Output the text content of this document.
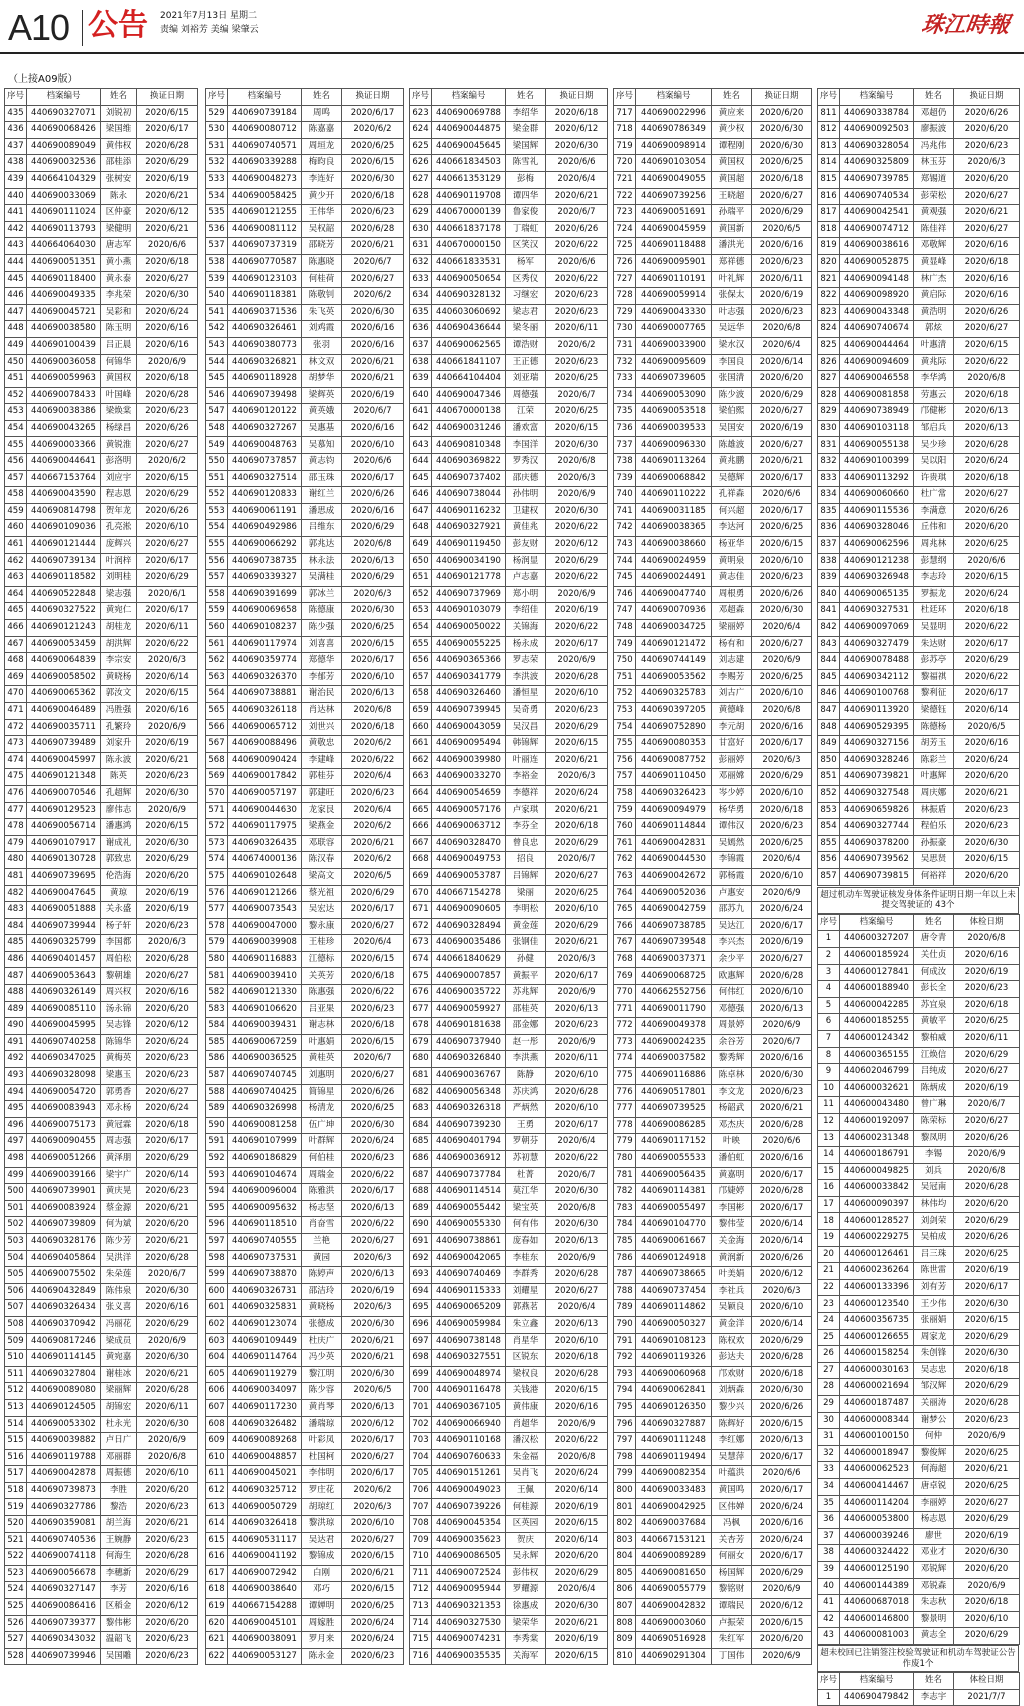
A10 公告 2021年7月13日 星期二
责编 刘裕芳 美编 梁肇云	珠江時報
（上接A09版）
序号	档案编号	姓名	换证日期
435	440690327071	刘锐初	2020/6/15
436	440690068426	梁国维	2020/6/17
437	440690089049	黄伟权	2020/6/28
438	440690032536	邵桂添	2020/6/29
439	440664104329	张树安	2020/6/19
440	440690033069	陈永	2020/6/21
441	440690111024	区仲豪	2020/6/12
442	440690113793	梁健明	2020/6/21
443	440664064030	唐志军	2020/6/6
444	440690051351	黄小燕	2020/6/18
445	440690118400	黄永泰	2020/6/27
446	440690049335	李兆荣	2020/6/30
447	440690045721	吴彩和	2020/6/24
448	440690038580	陈玉明	2020/6/16
449	440690100439	吕正晨	2020/6/16
450	440690036058	何锦华	2020/6/9
451	440690059963	黄国权	2020/6/18
452	440690078433	叶国峰	2020/6/28
453	440690038386	梁焕棠	2020/6/23
454	440690043265	杨绿昌	2020/6/26
455	440690003366	黄锐淮	2020/6/27
456	440690044641	彭洛明	2020/6/2
457	440667153764	刘应宇	2020/6/15
458	440690043590	程志恩	2020/6/29
459	440690814798	贺年龙	2020/6/26
460	440690109036	孔亮淞	2020/6/10
461	440690121444	庞辉兴	2020/6/27
462	440690739134	叶润梓	2020/6/17
463	440690118582	刘明桂	2020/6/29
464	440690522848	梁志强	2020/6/1
465	440690327522	黄宛仁	2020/6/17
466	440690121243	胡桂龙	2020/6/11
467	440690053459	胡洪辉	2020/6/22
468	440690064839	李宗安	2020/6/3
469	440690058502	黄晓杨	2020/6/14
470	440690065362	郭汝文	2020/6/15
471	440690046489	冯胜强	2020/6/16
472	440690035711	孔繁玲	2020/6/9
473	440690739489	刘家升	2020/6/19
474	440690045997	陈永波	2020/6/21
475	440690121348	陈英	2020/6/23
476	440690070546	孔超辉	2020/6/30
477	440690129523	廖伟志	2020/6/9
478	440690056714	潘惠鸿	2020/6/15
479	440690107917	谢成礼	2020/6/30
480	440690130728	郭致忠	2020/6/29
481	440690739695	伦浩海	2020/6/20
482	440690047645	黄琼	2020/6/19
483	440690051888	关永盛	2020/6/19
484	440690739944	杨子轩	2020/6/23
485	440690325799	李国都	2020/6/3
486	440690401457	周伯松	2020/6/28
487	440690053643	黎朝雄	2020/6/27
488	440690326149	周兴权	2020/6/16
489	440690085110	汤永锦	2020/6/20
490	440690045995	吴志锋	2020/6/12
491	440690740258	陈锦华	2020/6/24
492	440690347025	黄梅英	2020/6/23
493	440690328098	梁惠玉	2020/6/23
494	440690054720	郭勇香	2020/6/27
495	440690083943	邓永杨	2020/6/24
496	440690075173	黄冠霖	2020/6/18
497	440690090455	周志强	2020/6/17
498	440690051266	黄泽朋	2020/6/29
499	440690039166	梁宇广	2020/6/14
500	440690739901	黄庆晃	2020/6/23
501	440690083924	蔡金源	2020/6/21
502	440690739809	何为斌	2020/6/20
503	440690328176	陈少芳	2020/6/21
504	440690405864	吴洪洋	2020/6/28
505	440690075502	朱朵莲	2020/6/7
506	440690432849	陈伟泉	2020/6/30
507	440690326434	张义喜	2020/6/16
508	440690370942	冯丽花	2020/6/29
509	440690817246	梁成员	2020/6/9
510	440690114145	黄宛嘉	2020/6/30
511	440690327804	谢桂冰	2020/6/21
512	440690089080	梁丽辉	2020/6/28
513	440690124505	胡锦宏	2020/6/11
514	440690053302	杜永光	2020/6/30
515	440690039882	卢日广	2020/6/9
516	440690119788	邓丽群	2020/6/8
517	440690042878	周振德	2020/6/10
518	440690739873	李胜	2020/6/20
519	440690327786	黎浩	2020/6/23
520	440690359081	胡兰海	2020/6/21
521	440690740536	王婉静	2020/6/23
522	440690074118	何海生	2020/6/28
523	440690056678	李穗新	2020/6/29
524	440690327147	李芳	2020/6/16
525	440690086416	区稻金	2020/6/12
526	440690739377	黎伟彬	2020/6/20
527	440690343032	温韶飞	2020/6/23
528	440690739946	吴国雕	2020/6/23
序号	档案编号	姓名	换证日期
529	440690739184	周鸣	2020/6/17
530	440690080712	陈嘉嘉	2020/6/2
531	440690740571	周垣龙	2020/6/25
532	440690339288	梅昀良	2020/6/15
533	440690048273	李连好	2020/6/30
534	440690058425	黄少开	2020/6/18
535	440690121255	王伟华	2020/6/23
536	440690081112	吴权韶	2020/6/28
537	440690737319	邵晓芳	2020/6/21
538	440690770587	陈惠晓	2020/6/7
539	440690123103	何桂荷	2020/6/27
540	440690118381	陈敬钊	2020/6/2
541	440690371536	朱飞英	2020/6/30
542	440690326461	刘鸡霞	2020/6/16
543	440690380773	张羽	2020/6/16
544	440690326821	林文双	2020/6/21
545	440690118928	胡梦华	2020/6/21
546	440690739498	梁辉英	2020/6/19
547	440690120122	黄英娥	2020/6/7
548	440690327267	吴惠基	2020/6/16
549	440690048763	吴慕知	2020/6/10
550	440690737857	黄志钧	2020/6/6
551	440690327514	邵玉珠	2020/6/17
552	440690120833	谢红兰	2020/6/26
553	440690061191	潘思成	2020/6/16
554	440690492986	吕维东	2020/6/29
555	440690066292	郭兆达	2020/6/8
556	440690738735	林永法	2020/6/13
557	440690339327	吴满桂	2020/6/29
558	440690391699	郭冰兰	2020/6/3
559	440690069658	陈德康	2020/6/30
560	440690108237	陈少强	2020/6/25
561	440690117974	刘喜喜	2020/6/15
562	440690359774	郑德华	2020/6/17
563	440690326370	李郁芳	2020/6/10
564	440690738881	谢治民	2020/6/13
565	440690326118	肖达林	2020/6/8
566	440690065712	刘世兴	2020/6/18
567	440690088496	黄敬忠	2020/6/2
568	440690090424	李建峰	2020/6/22
569	440690017842	郭桂芬	2020/6/4
570	440690057197	郭建旺	2020/6/23
571	440690044630	龙家艮	2020/6/4
572	440690117975	梁燕金	2020/6/2
573	440690326435	邓联容	2020/6/21
574	440674000136	陈汉春	2020/6/2
575	440690102648	梁高文	2020/6/5
576	440690121266	蔡光祖	2020/6/29
577	440690073543	吴宏达	2020/6/17
578	440690047000	黎永康	2020/6/27
579	440690039908	王桂珍	2020/6/4
580	440690116883	江德标	2020/6/15
581	440690039410	关英芳	2020/6/18
582	440690121330	陈惠强	2020/6/22
583	440690106620	吕亚果	2020/6/23
584	440690039431	谢志林	2020/6/18
585	440690067259	叶惠娟	2020/6/15
586	440690036525	黄桂英	2020/6/7
587	440690740745	刘惠明	2020/6/27
588	440690740425	简锦星	2020/6/26
589	440690326998	杨清龙	2020/6/25
590	440690081258	伍广坤	2020/6/30
591	440690107999	叶群辉	2020/6/24
592	440690186829	何伯桂	2020/6/23
593	440690104674	周瑞金	2020/6/22
594	440690096004	陈雅洪	2020/6/17
595	440690095632	杨志坚	2020/6/13
596	440690118510	肖奋雪	2020/6/22
597	440690740555	兰艳	2020/6/27
598	440690737531	黄园	2020/6/3
599	440690738870	陈婷声	2020/6/13
600	440690326731	邵洁玲	2020/6/19
601	440690325831	黄晓杨	2020/6/3
602	440690123074	张德成	2020/6/30
603	440690109449	杜庆广	2020/6/21
604	440690114764	冯少英	2020/6/21
605	440690119279	黎江明	2020/6/30
606	440690034097	陈少容	2020/6/5
607	440690117230	黄肖琴	2020/6/13
608	440690326482	潘瑞琼	2020/6/12
609	440690089268	叶彩凤	2020/6/17
610	440690048857	杜国柯	2020/6/27
611	440690045021	李伟明	2020/6/17
612	440690325712	罗庄花	2020/6/2
613	440690050729	胡琼红	2020/6/3
614	440690326418	黎洪琼	2020/6/10
615	440690531117	吴达君	2020/6/27
616	440690041192	黎锦成	2020/6/15
617	440690072942	白刚	2020/6/21
618	440690038640	邓巧	2020/6/15
619	440667154288	谭婵明	2020/6/25
620	440690045101	周嫁胜	2020/6/24
621	440690038091	罗月来	2020/6/24
622	440690053127	陈永金	2020/6/23
序号	档案编号	姓名	换证日期
623	440690069788	李绍华	2020/6/18
624	440690044875	梁金群	2020/6/12
625	440690045645	梁国辉	2020/6/30
626	440661834503	陈雪礼	2020/6/6
627	440661353129	彭梅	2020/6/4
628	440690119708	谭四华	2020/6/21
629	440670000139	鲁家俊	2020/6/7
630	440661837178	丁瑞虹	2020/6/26
631	440670000150	区笑汉	2020/6/22
632	440661833531	杨军	2020/6/6
633	440690050654	区秀仪	2020/6/22
634	440690328132	习继宏	2020/6/23
635	440603060692	梁志君	2020/6/23
636	440690436644	梁冬丽	2020/6/11
637	440690062565	谭浩财	2020/6/2
638	440661841107	王正德	2020/6/23
639	440664104404	刘亚瑞	2020/6/25
640	440690047346	周德强	2020/6/7
641	440670000138	江荣	2020/6/25
642	440690031246	潘欢富	2020/6/15
643	440690810348	李国洋	2020/6/30
644	440690369822	罗秀汉	2020/6/8
645	440690737402	邵庆德	2020/6/3
646	440690738044	孙伟明	2020/6/9
647	440690116232	卫建权	2020/6/30
648	440690327921	黄佳兆	2020/6/22
649	440690119450	彭友财	2020/6/12
650	440690034190	杨润显	2020/6/29
651	440690121778	卢志嘉	2020/6/22
652	440690737969	郑小明	2020/6/9
653	440690103079	李绍佳	2020/6/19
654	440690050022	关锦海	2020/6/22
655	440690055225	杨永成	2020/6/17
656	440690365366	罗志荣	2020/6/9
657	440690341779	李洪波	2020/6/28
658	440690326460	潘恒星	2020/6/10
659	440690739945	吴奇勇	2020/6/23
660	440690043059	吴汉昌	2020/6/29
661	440690095494	韩锦辉	2020/6/15
662	440690039980	叶丽连	2020/6/21
663	440690033270	李裕金	2020/6/3
664	440690054659	李德祥	2020/6/24
665	440690057176	卢家琪	2020/6/21
666	440690063712	李芬全	2020/6/18
667	440690328470	曾良忠	2020/6/29
668	440690049753	招良	2020/6/7
669	440690053787	吕锦辉	2020/6/27
670	440667154278	梁丽	2020/6/25
671	440690090605	李明松	2020/6/10
672	440690328494	黄金莲	2020/6/29
673	440690035486	张钢佳	2020/6/21
674	440661840629	孙健	2020/6/3
675	440690007857	黄振平	2020/6/17
676	440690035722	苏兆辉	2020/6/9
677	440690059927	邵桂英	2020/6/13
678	440690181638	邵金娜	2020/6/23
679	440690737940	赵一彤	2020/6/9
680	440690326840	李洪燕	2020/6/11
681	440690036767	陈静	2020/6/10
682	440690056348	苏庆鸿	2020/6/28
683	440690326318	严炳然	2020/6/10
684	440690739230	王勇	2020/6/17
685	440690401794	罗朝芬	2020/6/4
686	440690036912	苏初慧	2020/6/22
687	440690737784	杜菁	2020/6/7
688	440690114514	莫江华	2020/6/30
689	440690055442	梁宝英	2020/6/8
690	440690055330	何有伟	2020/6/30
691	440690738861	庞春如	2020/6/13
692	440690042065	李桂东	2020/6/9
693	440690740469	李群秀	2020/6/28
694	440690115333	刘耀星	2020/6/27
695	440690065209	郭燕茗	2020/6/4
696	440690059984	朱立鑫	2020/6/13
697	440690738148	肖星华	2020/6/10
698	440690327551	区锐东	2020/6/18
699	440690048974	梁权良	2020/6/28
700	440690116478	关钱港	2020/6/15
701	440690367105	黄伟康	2020/6/16
702	440690066940	肖超华	2020/6/9
703	440690110168	潘汉松	2020/6/22
704	440690760633	朱金福	2020/6/8
705	440690151261	吴肖飞	2020/6/24
706	440690049023	王佩	2020/6/14
707	440690739226	何桂源	2020/6/19
708	440690045354	区英园	2020/6/15
709	440690035623	贺庆	2020/6/14
710	440690086505	吴永辉	2020/6/20
711	440690072524	彭伟权	2020/6/29
712	440690095944	罗耀源	2020/6/4
713	440690321353	徐惠成	2020/6/30
714	440690327530	梁荣华	2020/6/21
715	440690074231	李秀棠	2020/6/19
716	440690035535	关海军	2020/6/15
序号	档案编号	姓名	换证日期
717	440690022996	黄应来	2020/6/20
718	440690786349	黄少权	2020/6/30
719	440690098914	谭程刚	2020/6/30
720	440690103054	黄国权	2020/6/25
721	440690049055	黄国超	2020/6/18
722	440690739256	王晓超	2020/6/27
723	440690051691	孙瑞平	2020/6/29
724	440690045959	黄国新	2020/6/5
725	440690118488	潘洪光	2020/6/16
726	440690095901	郑祥德	2020/6/23
727	440690110191	叶礼辉	2020/6/11
728	440690059914	张保太	2020/6/19
729	440690043330	叶志强	2020/6/23
730	440690007765	吴远华	2020/6/8
731	440690033900	梁水汉	2020/6/4
732	440690095609	李国良	2020/6/14
733	440690739605	张国清	2020/6/20
734	440690053090	陈少波	2020/6/29
735	440690053518	梁伯熙	2020/6/27
736	440690039533	吴国安	2020/6/19
737	440690096330	陈雄波	2020/6/27
738	440690113264	黄兆鹏	2020/6/21
739	440690068842	吴德辉	2020/6/17
740	440690110222	孔祥森	2020/6/6
741	440690031185	何兴超	2020/6/17
742	440690038365	李达河	2020/6/25
743	440690038660	杨亚华	2020/6/15
744	440690024959	黄明泉	2020/6/10
745	440690024491	黄志佳	2020/6/23
746	440690047740	周根勇	2020/6/26
747	440690070936	邓超森	2020/6/30
748	440690034725	梁丽婷	2020/6/4
749	440690121472	杨有和	2020/6/27
750	440690744149	刘志建	2020/6/9
751	440690053562	李赐芳	2020/6/25
752	440690325783	刘古广	2020/6/10
753	440690397205	黄德峰	2020/6/8
754	440690752890	李元胡	2020/6/16
755	440690080353	甘富好	2020/6/17
756	440690087752	彭丽婷	2020/6/3
757	440690110450	邓丽嫦	2020/6/29
758	440690326423	岑少婷	2020/6/10
759	440690094979	杨华勇	2020/6/18
760	440690114844	谭伟汉	2020/6/23
761	440690042831	吴嫣然	2020/6/25
762	440690044530	李锦霞	2020/6/4
763	440690042672	郭杨霞	2020/6/10
764	440690052036	卢惠安	2020/6/9
765	440690042759	邵苏九	2020/6/24
766	440690738785	吴达江	2020/6/17
767	440690739548	李兴杰	2020/6/19
768	440690037371	余少平	2020/6/27
769	440690068725	欧惠辉	2020/6/28
770	440662552756	何伟红	2020/6/10
771	440690011790	邓德强	2020/6/13
772	440690049378	周景婷	2020/6/9
773	440690024235	余谷芳	2020/6/7
774	440690037582	黎秀辉	2020/6/16
775	440690116886	陈卓林	2020/6/30
776	440690517801	李文龙	2020/6/23
777	440690739525	杨韶武	2020/6/21
778	440690086285	邓杰庆	2020/6/28
779	440690117152	叶映	2020/6/6
780	440690055533	潘伯虹	2020/6/16
781	440690056435	黄嘉明	2020/6/17
782	440690114381	邝婕婷	2020/6/28
783	440690055497	李国彬	2020/6/17
784	440690104770	黎伟莹	2020/6/14
785	440690061667	关金海	2020/6/14
786	440690124918	黄润新	2020/6/26
787	440690738665	叶美娟	2020/6/12
788	440690737454	李社兵	2020/6/3
789	440690114862	吴颖良	2020/6/10
790	440690050327	黄金洋	2020/6/14
791	440690108123	陈权欢	2020/6/29
792	440690119326	彭达夫	2020/6/28
793	440690060968	邝欢财	2020/6/18
794	440690062841	刘炳森	2020/6/30
795	440690126350	黎少兴	2020/6/26
796	440690327887	陈辉好	2020/6/15
797	440690111248	李红娜	2020/6/13
798	440690119494	吴慧萍	2020/6/17
799	440690082354	叶蕴洪	2020/6/6
800	440690033483	黄国鸣	2020/6/17
801	440690042925	区伟婵	2020/6/24
802	440690037684	冯枫	2020/6/16
803	440667153121	关杏芳	2020/6/24
804	440690089289	何丽女	2020/6/17
805	440690081650	杨国辉	2020/6/29
806	440690055779	黎铭财	2020/6/9
807	440690042832	谭瑞民	2020/6/12
808	440690003060	卢振荣	2020/6/15
809	440690516928	朱红军	2020/6/20
810	440690291304	丁国伟	2020/6/9
序号	档案编号	姓名	换证日期
811	440690338784	邓超仍	2020/6/26
812	440690092503	廖振波	2020/6/20
813	440690328054	冯兆伟	2020/6/23
814	440690325809	林玉芬	2020/6/3
815	440690739785	郑锡道	2020/6/20
816	440690740534	彭荣松	2020/6/27
817	440690042541	黄观强	2020/6/21
818	440690074712	陈佳祥	2020/6/27
819	440690038616	邓敬辉	2020/6/16
820	440690052875	黄显峰	2020/6/18
821	440690094148	林广杰	2020/6/16
822	440690098920	黄启际	2020/6/16
823	440690043348	黄浩明	2020/6/26
824	440690740674	郭炫	2020/6/27
825	440690044464	叶惠清	2020/6/15
826	440690094609	黄兆际	2020/6/22
827	440690046558	李华鸿	2020/6/8
828	440690081858	劳惠云	2020/6/18
829	440690738949	邝健彬	2020/6/13
830	440690103118	邹启兵	2020/6/13
831	440690055138	吴少珍	2020/6/28
832	440690100399	吴以阳	2020/6/24
833	440690113292	许贵琪	2020/6/18
834	440690060660	杜广常	2020/6/27
835	440690115536	李满意	2020/6/26
836	440690328046	丘伟和	2020/6/20
837	440690062596	周兆林	2020/6/25
838	440690121238	彭慧纲	2020/6/6
839	440690326948	李志玲	2020/6/15
840	440690065135	罗振龙	2020/6/24
841	440690327531	杜廷环	2020/6/18
842	440690097069	吴显明	2020/6/22
843	440690327479	朱达财	2020/6/17
844	440690078488	彭苏亭	2020/6/29
845	440690342112	黎福祺	2020/6/22
846	440690100768	黎利征	2020/6/17
847	440690113920	梁德钰	2020/6/14
848	440690529395	陈德杨	2020/6/5
849	440690327156	胡芳玉	2020/6/16
850	440690328246	陈彩兰	2020/6/24
851	440690739821	叶惠辉	2020/6/20
852	440690327548	周庆娜	2020/6/21
853	440690659826	林振盾	2020/6/23
854	440690327744	程伯乐	2020/6/23
855	440690378200	孙振豪	2020/6/30
856	440690739562	吴思贤	2020/6/15
857	440690739815	何裕祥	2020/6/20
超过机动车驾驶证核发身体条件证明日期一年以上未提交驾驶证的 43个
序号	档案编号	姓名	体检日期
1	440600327207	唐令青	2020/6/8
2	440600185924	关仕贞	2020/6/16
3	440600127841	何成汝	2020/6/19
4	440600188940	彭长全	2020/6/23
5	440600042285	苏宜泉	2020/6/18
6	440600185255	黄敏平	2020/6/25
7	440600124342	黎柏威	2020/6/11
8	440600365155	江焕信	2020/6/29
9	440602046799	吕纯成	2020/6/27
10	440600032621	陈炳成	2020/6/19
11	440600043480	曾广琳	2020/6/7
12	440600192097	陈荣标	2020/6/27
13	440600231348	黎凤明	2020/6/26
14	440600186791	李锡	2020/6/9
15	440600049825	刘兵	2020/6/8
16	440600033842	吴冠南	2020/6/28
17	440600090397	林伟均	2020/6/20
18	440600128527	刘剑荣	2020/6/29
19	440600229275	吴柏成	2020/6/26
20	440600126461	吕三珠	2020/6/25
21	440600236264	陈世雷	2020/6/19
22	440600133396	刘有芳	2020/6/17
23	440600123540	王少伟	2020/6/30
24	440600356735	张丽娟	2020/6/15
25	440600126655	周家龙	2020/6/29
26	440600158254	朱创锋	2020/6/30
27	440600030163	吴志忠	2020/6/18
28	440600021694	邹汉辉	2020/6/29
29	440600187487	关丽涛	2020/6/28
30	440600008344	谢梦公	2020/6/23
31	440600100150	何仲	2020/6/9
32	440600018947	黎俊辉	2020/6/25
33	440600062523	何海超	2020/6/21
34	440600414467	唐卓锐	2020/6/25
35	440600114204	李丽婷	2020/6/27
36	440600053800	杨志恩	2020/6/29
37	440600039246	廖世	2020/6/19
38	440600324422	邓业才	2020/6/30
39	440600125190	邓锐辉	2020/6/20
40	440600144389	邓锐森	2020/6/9
41	440600687018	朱志秋	2020/6/18
42	440600146800	黎景明	2020/6/10
43	440600081003	黄志全	2020/6/29
超未校回已注销签注校验驾驶证和机动车驾驶证公告作废1个
序号	档案编号	姓名	体检日期
1	440690479842	李志宇	2021/7/7
